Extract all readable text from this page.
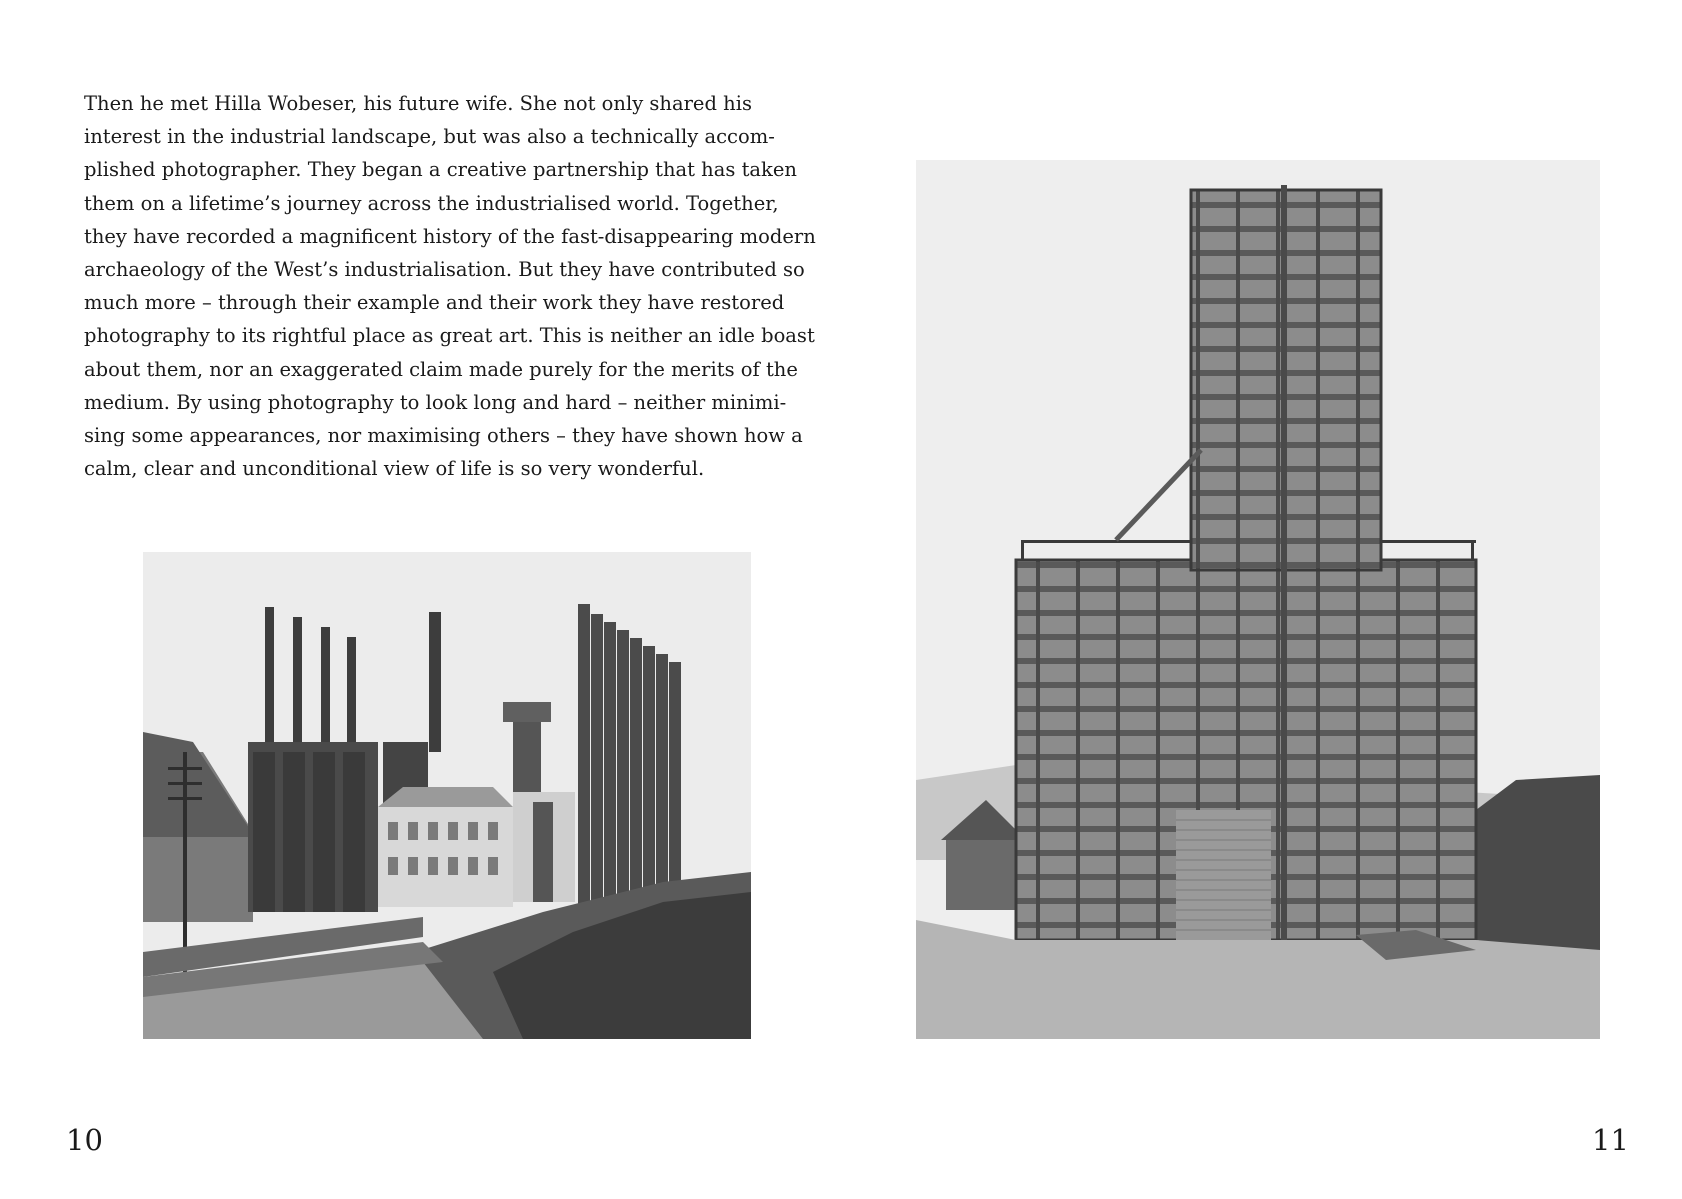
Then he met Hilla Wobeser, his future wife. She not only shared his
interest in the industrial landscape, but was also a technically accom-
plished photographer. They began a creative partnership that has taken
them on a lifetime’s journey across the industrialised world. Together,
they have recorded a magnificent history of the fast-disappearing modern
archaeology of the West’s industrialisation. But they have contributed so
much more – through their example and their work they have restored
photography to its rightful place as great art. This is neither an idle boast
about them, nor an exaggerated claim made purely for the merits of the
medium. By using photography to look long and hard – neither minimi-
sing some appearances, nor maximising others – they have shown how a
calm, clear and unconditional view of life is so very wonderful.

10	11
